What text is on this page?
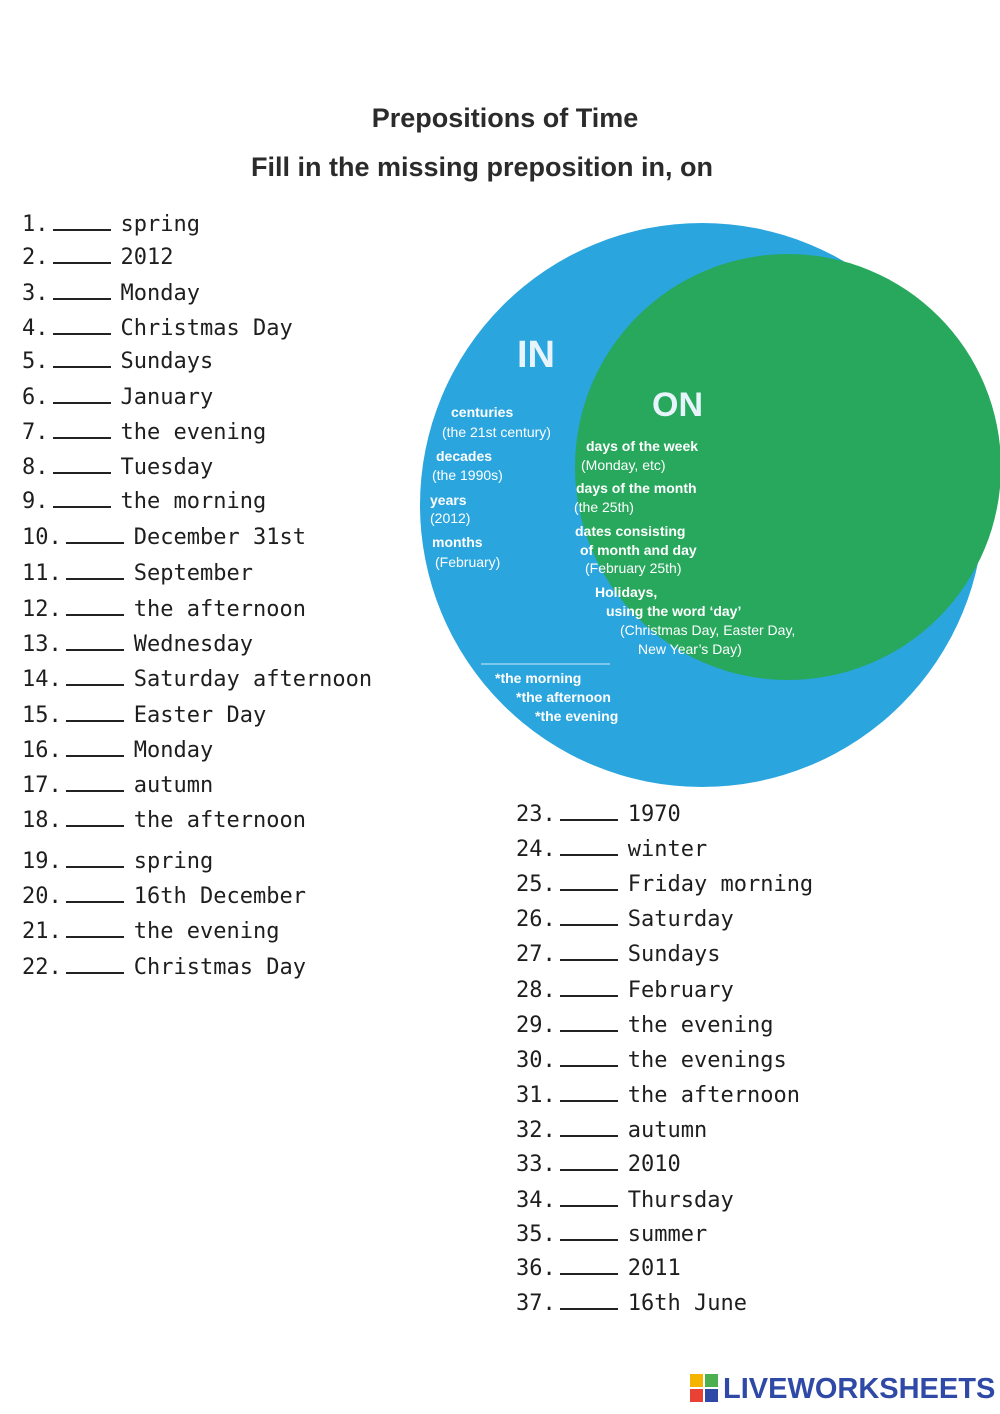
Prepositions of Time
Fill in the missing preposition in, on
1.	spring
2.	2012
3.	Monday
4.	Christmas Day
5.	Sundays
6.	January
7.	the evening
8.	Tuesday
9.	the morning
10.	December 31st
11.	September
12.	the afternoon
13.	Wednesday
14.	Saturday afternoon
15.	Easter Day
16.	Monday
17.	autumn
18.	the afternoon
19.	spring
20.	16th December
21.	the evening
22.	Christmas Day
23.	1970
24.	winter
25.	Friday morning
26.	Saturday
27.	Sundays
28.	February
29.	the evening
30.	the evenings
31.	the afternoon
32.	autumn
33.	2010
34.	Thursday
35.	summer
36.	2011
37.	16th June
IN
ON
centuries
(the 21st century)
decades
(the 1990s)
years
(2012)
months
(February)
days of the week
(Monday, etc)
days of the month
(the 25th)
dates consisting
of month and day
(February 25th)
Holidays,
using the word ‘day’
(Christmas Day, Easter Day,
New Year’s Day)
*the morning
*the afternoon
*the evening
LIVEWORKSHEETS
